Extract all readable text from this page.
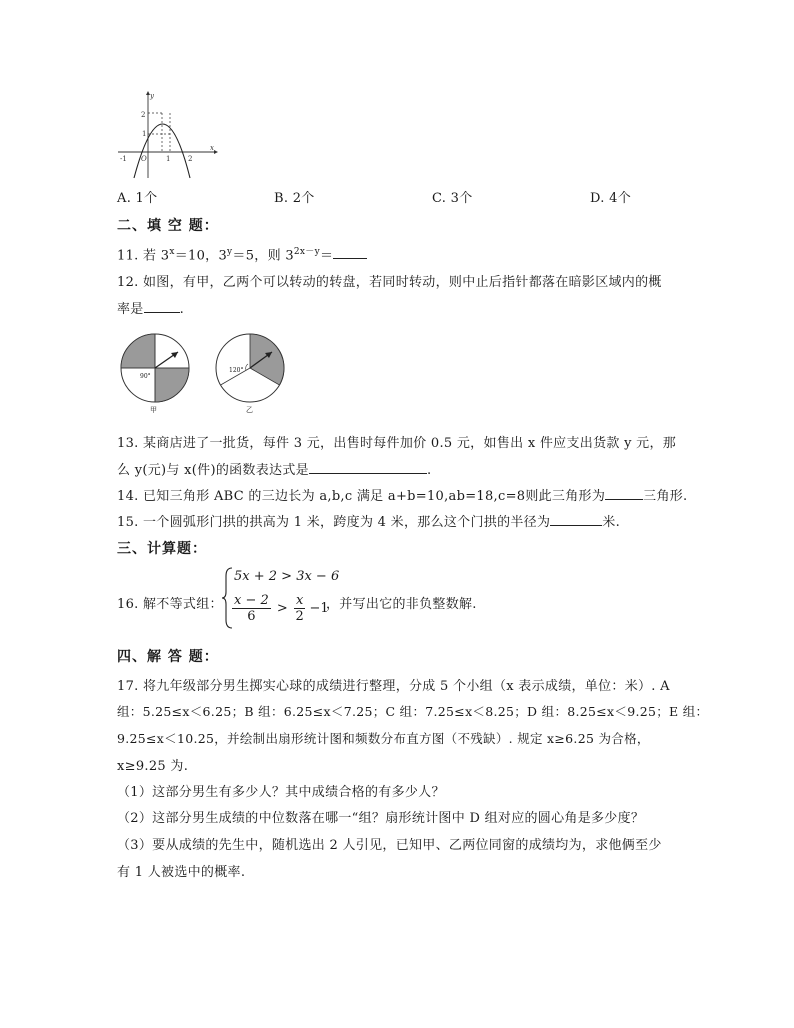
y
x
2
1
-1 O	1	2
A. 1个	B. 2个	C. 3个	D. 4个
二、填 空 题：
11. 若 $3^x=10$，$3^y=5$，则 $3^{2x-y}=$
12. 如图，有甲，乙两个可以转动的转盘，若同时转动，则中止后指针都落在暗影区域内的概
率是	.
90°
甲
120°
乙
13. 某商店进了一批货，每件 3 元，出售时每件加价 0.5 元，如售出 x 件应支出货款 y 元，那
么 y(元)与 x(件)的函数表达式是	.
14. 已知三角形 ABC 的三边长为 a,b,c 满足 a+b=10,ab=18,c=8则此三角形为	三角形.
15. 一个圆弧形门拱的拱高为 1 米，跨度为 4 米，那么这个门拱的半径为	米.
三、计算题：
16. 解不等式组：
5x + 2 > 3x − 6
$\frac{x - 2}{6} > \frac{x}{2} -1$
，并写出它的非负整数解.
四、解 答 题：
17. 将九年级部分男生掷实心球的成绩进行整理，分成 5 个小组（x 表示成绩，单位：米）. A
组：5.25≤x＜6.25；B 组：6.25≤x＜7.25；C 组：7.25≤x＜8.25；D 组：8.25≤x＜9.25；E 组：
9.25≤x＜10.25，并绘制出扇形统计图和频数分布直方图（不残缺）. 规定 x≥6.25 为合格，
x≥9.25 为.
（1）这部分男生有多少人？其中成绩合格的有多少人？
（2）这部分男生成绩的中位数落在哪一“组？扇形统计图中 D 组对应的圆心角是多少度？
（3）要从成绩的先生中，随机选出 2 人引见，已知甲、乙两位同窗的成绩均为，求他俩至少
有 1 人被选中的概率.
